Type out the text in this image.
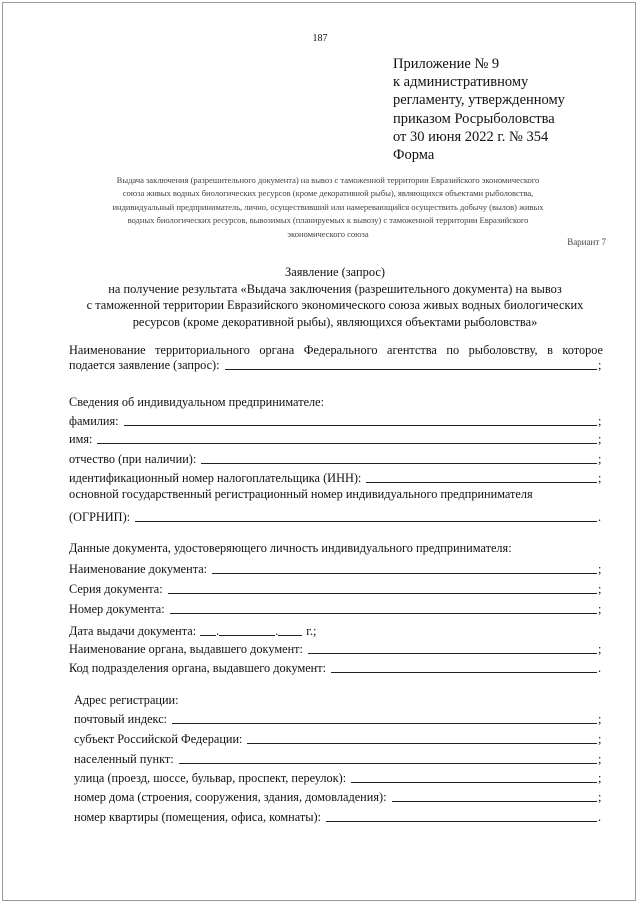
187
Приложение № 9
к административному
регламенту, утвержденному
приказом Росрыболовства
от 30 июня 2022 г. № 354
Форма
Выдача заключения (разрешительного документа) на вывоз с таможенной территории Евразийского экономического
союза живых водных биологических ресурсов (кроме декоративной рыбы), являющихся объектами рыболовства,
индивидуальный предприниматель, лично, осуществивший или намеревающийся осуществить добычу (вылов) живых
водных биологических ресурсов, вывозимых (планируемых к вывозу) с таможенной территории Евразийского
экономического союза
Вариант 7
Заявление (запрос)
на получение результата «Выдача заключения (разрешительного документа) на вывоз
с таможенной территории Евразийского экономического союза живых водных биологических
ресурсов (кроме декоративной рыбы), являющихся объектами рыболовства»
Наименование территориального органа Федерального агентства по рыболовству, в которое
подается заявление (запрос):	;
Сведения об индивидуальном предпринимателе:
фамилия:	;
имя:	;
отчество (при наличии):	;
идентификационный номер налогоплательщика (ИНН):	;
основной государственный регистрационный номер индивидуального предпринимателя
(ОГРНИП):	.
Данные документа, удостоверяющего личность индивидуального предпринимателя:
Наименование документа:	;
Серия документа:	;
Номер документа:	;
Дата выдачи документа: .	. г.;
Наименование органа, выдавшего документ:	;
Код подразделения органа, выдавшего документ:	.
Адрес регистрации:
почтовый индекс:	;
субъект Российской Федерации:	;
населенный пункт:	;
улица (проезд, шоссе, бульвар, проспект, переулок):	;
номер дома (строения, сооружения, здания, домовладения):	;
номер квартиры (помещения, офиса, комнаты):	.
